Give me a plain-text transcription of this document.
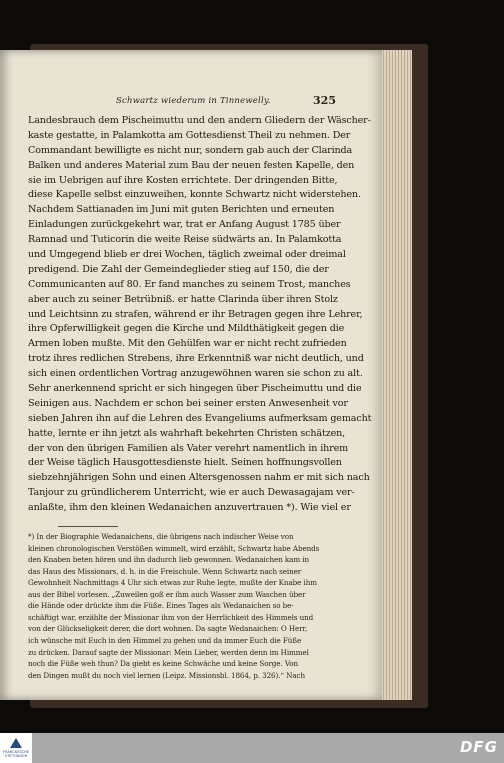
Schwartz wiederum in Tinnewelly.	325
Landesbrauch dem Pischeimuttu und den andern Gliedern der Wäscher-
kaste gestatte, in Palamkotta am Gottesdienst Theil zu nehmen. Der
Commandant bewilligte es nicht nur, sondern gab auch der Clarinda
Balken und anderes Material zum Bau der neuen festen Kapelle, den
sie im Uebrigen auf ihre Kosten errichtete. Der dringenden Bitte,
diese Kapelle selbst einzuweihen, konnte Schwartz nicht widerstehen.
Nachdem Sattianaden im Juni mit guten Berichten und erneuten
Einladungen zurückgekehrt war, trat er Anfang August 1785 über
Ramnad und Tuticorin die weite Reise südwärts an. In Palamkotta
und Umgegend blieb er drei Wochen, täglich zweimal oder dreimal
predigend. Die Zahl der Gemeindeglieder stieg auf 150, die der
Communicanten auf 80. Er fand manches zu seinem Trost, manches
aber auch zu seiner Betrübniß. er hatte Clarinda über ihren Stolz
und Leichtsinn zu strafen, während er ihr Betragen gegen ihre Lehrer,
ihre Opferwilligkeit gegen die Kirche und Mildthätigkeit gegen die
Armen loben mußte. Mit den Gehülfen war er nicht recht zufrieden
trotz ihres redlichen Strebens, ihre Erkenntniß war nicht deutlich, und
sich einen ordentlichen Vortrag anzugewöhnen waren sie schon zu alt.
Sehr anerkennend spricht er sich hingegen über Pischeimuttu und die
Seinigen aus. Nachdem er schon bei seiner ersten Anwesenheit vor
sieben Jahren ihn auf die Lehren des Evangeliums aufmerksam gemacht
hatte, lernte er ihn jetzt als wahrhaft bekehrten Christen schätzen,
der von den übrigen Familien als Vater verehrt namentlich in ihrem
der Weise täglich Hausgottesdienste hielt. Seinen hoffnungsvollen
siebzehnjährigen Sohn und einen Altersgenossen nahm er mit sich nach
Tanjour zu gründlicherem Unterricht, wie er auch Dewasagajam ver-
anlaßte, ihm den kleinen Wedanaichen anzuvertrauen *). Wie viel er
*) In der Biographie Wedanaichens, die übrigens nach indischer Weise von
kleinen chronologischen Verstößen wimmelt, wird erzählt, Schwartz habe Abends
den Knaben beten hören und ihn dadurch lieb gewonnen. Wedanaichen kam in
das Haus des Missionars, d. h. in die Freischule. Wenn Schwartz nach seiner
Gewohnheit Nachmittags 4 Uhr sich etwas zur Ruhe legte, mußte der Knabe ihm
aus der Bibel vorlesen. „Zuweilen goß er ihm auch Wasser zum Waschen über
die Hände oder drückte ihm die Füße. Eines Tages als Wedanaichen so be-
schäftigt war, erzählte der Missionar ihm von der Herrlichkeit des Himmels und
von der Glückseligkeit derer, die dort wohnen. Da sagte Wedanaichen: O Herr,
ich wünsche mit Euch in den Himmel zu gehen und da immer Euch die Füße
zu drücken. Darauf sagte der Missionar: Mein Lieber, werden denn im Himmel
noch die Füße weh thun? Da giebt es keine Schwäche und keine Sorge. Von
den Dingen mußt du noch viel lernen (Leipz. Missionsbl. 1864, p. 326).“ Nach
FRANCKESCHE STIFTUNGEN	DFG
